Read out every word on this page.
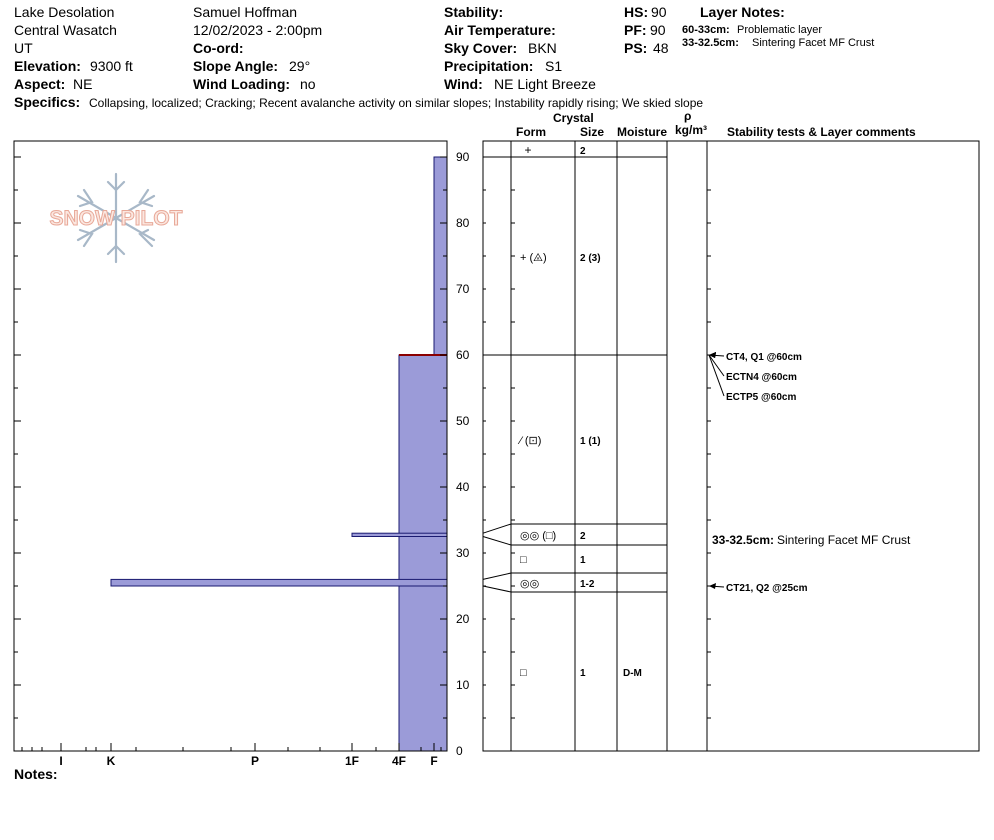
Lake Desolation
Central Wasatch
UT
Elevation: 9300 ft
Aspect: NE
Samuel Hoffman
12/02/2023 - 2:00pm
Co-ord:
Slope Angle: 29°
Wind Loading: no
Stability:
Air Temperature:
Sky Cover: BKN
Precipitation: S1
Wind: NE Light Breeze
HS: 90
PF: 90
PS: 48
Layer Notes:
60-33cm: Problematic layer
33-32.5cm: Sintering Facet MF Crust
Specifics: Collapsing, localized; Cracking; Recent avalanche activity on similar slopes; Instability rapidly rising; We skied slope
Crystal
Form	Size Moisture
ρ
kg/m³ Stability tests & Layer comments
SNOW PILOT
0
10
20
30
40
50
60
70
80
90
I	K	P	1F	4F F
+	2
+ (⨻)	2 (3)
⁄ (⊡)	1 (1)
◎◎ (□) 2
□	1
◎◎	1-2
□	1	D-M
CT4, Q1 @60cm
ECTN4 @60cm
ECTP5 @60cm
CT21, Q2 @25cm
33-32.5cm: Sintering Facet MF Crust
Notes:
